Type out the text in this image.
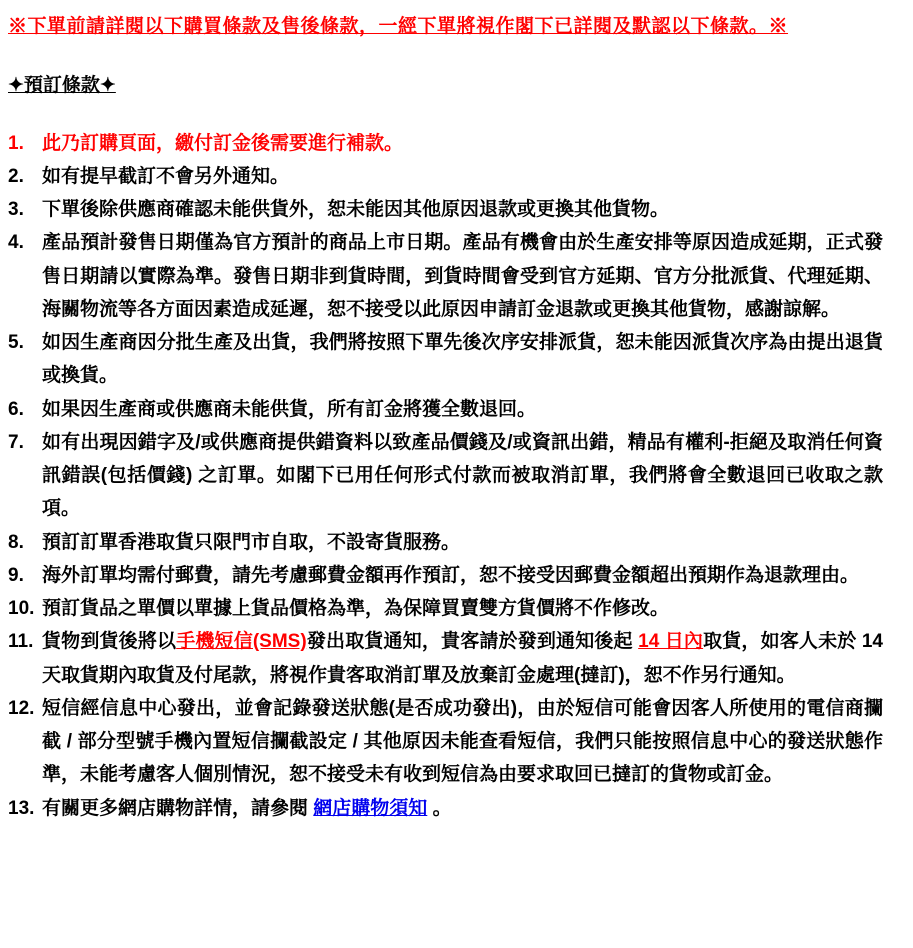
※下單前請詳閱以下購買條款及售後條款，一經下單將視作閣下已詳閱及默認以下條款。※
✦預訂條款✦
1. 此乃訂購頁面，繳付訂金後需要進行補款。
2. 如有提早截訂不會另外通知。
3. 下單後除供應商確認未能供貨外，恕未能因其他原因退款或更換其他貨物。
4. 產品預計發售日期僅為官方預計的商品上市日期。產品有機會由於生產安排等原因造成延期，正式發售日期請以實際為準。發售日期非到貨時間，到貨時間會受到官方延期、官方分批派貨、代理延期、海關物流等各方面因素造成延遲，恕不接受以此原因申請訂金退款或更換其他貨物，感謝諒解。
5. 如因生產商因分批生產及出貨，我們將按照下單先後次序安排派貨，恕未能因派貨次序為由提出退貨或換貨。
6. 如果因生產商或供應商未能供貨，所有訂金將獲全數退回。
7. 如有出現因錯字及/或供應商提供錯資料以致產品價錢及/或資訊出錯，精品有權利-拒絕及取消任何資訊錯誤(包括價錢) 之訂單。如閣下已用任何形式付款而被取消訂單，我們將會全數退回已收取之款項。
8. 預訂訂單香港取貨只限門市自取，不設寄貨服務。
9. 海外訂單均需付郵費，請先考慮郵費金額再作預訂，恕不接受因郵費金額超出預期作為退款理由。
10. 預訂貨品之單價以單據上貨品價格為準，為保障買賣雙方貨價將不作修改。
11. 貨物到貨後將以手機短信(SMS)發出取貨通知，貴客請於發到通知後起 14 日內取貨，如客人未於 14 天取貨期內取貨及付尾款，將視作貴客取消訂單及放棄訂金處理(撻訂)，恕不作另行通知。
12. 短信經信息中心發出，並會記錄發送狀態(是否成功發出)，由於短信可能會因客人所使用的電信商攔截 / 部分型號手機內置短信攔截設定 / 其他原因未能查看短信，我們只能按照信息中心的發送狀態作準，未能考慮客人個別情況，恕不接受未有收到短信為由要求取回已撻訂的貨物或訂金。
13. 有關更多網店購物詳情，請參閱 網店購物須知 。
